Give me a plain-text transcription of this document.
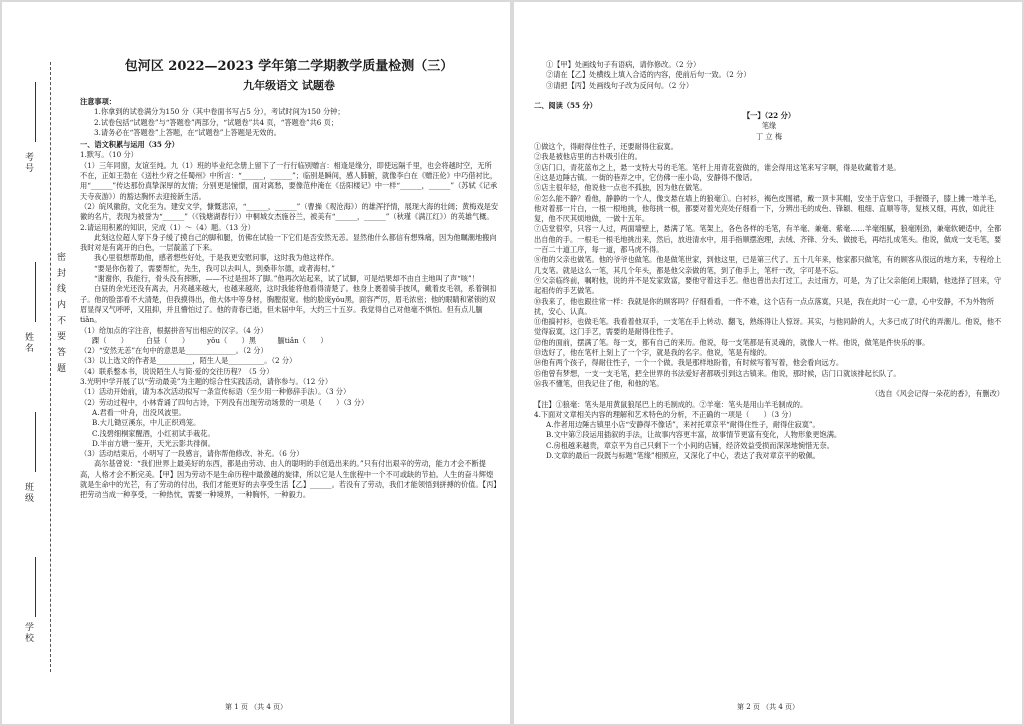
密 封 线 内 不 要 答 题
考号
姓名
班级
学校
包河区 2022—2023 学年第二学期教学质量检测（三）
九年级语文 试题卷
注意事项：

1.你拿到的试卷满分为150 分（其中卷面书写占5 分），考试时间为150 分钟；

2.试卷包括“试题卷”与“答题卷”两部分，“试题卷”共4 页，“答题卷”共6 页；

3.请务必在“答题卷”上答题，在“试题卷”上答题是无效的。

一、语文积累与运用（35 分）

1.默写。（10 分）

（1）三年同窗，友谊至纯。九（1）班的毕业纪念册上留下了一行行临别赠言：相逢是缘分，即使远隔千里，也会将越时空，无所不在，正如王勃在《送杜少府之任蜀州》中所言：“______，______”；临别是瞬间，感人肺腑，就像李白在《赠汪伦》中巧借衬比，用“______”传达那份真挚深厚的友情；分别更是憧憬，面对离愁，要像范仲淹在《岳阳楼记》中一样“______，______”（苏轼《记承天寺夜游》）的豁达胸怀去迎接新生活。

（2）皖风徽韵，文化至为。建安文学，慷慨悲凉，“______，______”（曹操《观沧海》）的雄浑抒情，展现大海的壮阔；黄梅戏是安徽的名片，表现为被誉为“______”（《钱塘湖春行》）中桐城女杰施谷兰，被美有“______，______”（秋瑾《满江红》）的英雄气概。

2.请运用积累的知识，完成（1）～（4）题。（13 分）

此刻这位超人穿下身子缓了摸自己的脚和腿，仿佛在试验一下它们是否安然无恙。显然他什么都信有想殊痛，因为他瞩潮地搬向我时对是有离开的白色，一层靛蓝了下来。

我心里很想帮助他，感者想些好处，于是我更安慰问事，这时我为他这样作。

“要是你伤着了，需要帮忙，先生，我可以去叫人，到桑菲尔德，或者海村。”

“谢谢你，我能行，骨头没有摔断，——不过是扭坏了脚。”他再次站起来，试了试脚，可是结果却不由自主地叫了声“咳”！

白昼的余光还没有离去，月亮越来越大，也越来越亮，这时我能将他看得清楚了。他身上裹着骑手披风，戴着皮毛领，系着铜扣子。他的脸部看不大清楚，但我摸得出，他大体中等身材，胸膛很宽。他的脸庞yǒu黑，面容严厉，眉毛浓密；他的眼睛和紧锁的双眉显得又气呼呼，又阻抑，并且懵怕过了。他的青春已逝，但未届中年，大约三十五岁。我觉得自己对他毫不惧怕。但有点儿腼tiǎn。

（1）给加点的字注音，根据拼音写出相应的汉字。（4 分）

踝（　　）　　　白昼（　　）　　　yǒu（　　）黑　　　腼tiǎn（　　）

（2）“安然无恙”在句中的意思是______________。（2 分）

（3）以上选文的作者是__________，陌生人是__________。（2 分）

（4）联系整本书，说说陌生人与简·爱的交往历程？（5 分）

3.光明中学开展了以“劳动最美”为主题的综合性实践活动，请你参与。（12 分）

（1）活动开始前，请为本次活动拟写一条宣传标语（至少用一种修辞手法）。（3 分）

（2）劳动过程中，小林背诵了四句古诗，下列没有出现劳动场景的一项是（　　）（3 分）

A.君看一叶舟，出没风波里。

B.大儿锄豆溪东，中儿正织鸡笼。

C.浅碧细桐家醒酒，小红初试手栽花。

D.半亩方塘一鉴开，天光云影共徘徊。

（3）活动结束后，小明写了一段感言，请你帮他修改、补充。（6 分）

高尔基曾说：“我们世界上最美好的东西，都是由劳动、由人的聪明的手创造出来的。”只有付出艰辛的劳动，能力才会不断提高，人格才会不断完美。【甲】因为劳动不是生命历程中最激越的旋律，所以它是人生旅程中一个不可或缺的节拍。人生的奋斗辉煌就是生命中的光芒，有了劳动的付出，我们才能更好的去享受生活【乙】______。若没有了劳动，我们才能领悟到拼搏的价值。【丙】把劳动当成一种享受，一种热忱，需要一种境界，一种胸怀，一种毅力。

第 1 页 （共 4 页）

①【甲】处画线句子有语病，请你修改。（2 分）

②请在【乙】处横线上填入合适的内容，使前后句一致。（2 分）

③请把【丙】处画线句子改为反问句。（2 分）

二、阅读（55 分）
【一】（22 分）
笔缘
丁 立 梅

①做这个，得耐得住性子，还要耐得住寂寞。

②我是被他店里的古朴吸引住的。

③店门口，青花蓝布之上，悬一支特大号的毛笔。笔杆上用青花瓷做的，谁会得用这笔来写字啊，得是收藏着才是。

④这是边陲古镇。一街的巷弄之中，它仿佛一座小岛，安静得不像话。

⑤店主很年轻，他说他一点也不孤独，因为他在做笔。

⑥怎么能不静？看他，静静的一个人，像支悬在墙上的狼毫①。白衬衫，褐色皮围裙，戴一顶卡其帽，安坐于店堂口，手握镊子，膝上摊一堆羊毛，他对着那一片白，一根一根地挑，他每挑一根，都要对着光亮处仔细看一下，分辨出毛的成色、锋颖、粗细、直顺等等，复核又细，再放，如此往复，他不厌其烦地做，一做十五年。

⑦店堂很窄，只容一人过，两面墙壁上，悬满了笔。笔架上，各色各样的毛笔，有羊毫、兼毫、紫毫……羊毫细腻，狼毫刚劲，兼毫软硬适中，全都出自他的手。一根毛一根毛地挑出来，然后，放进清水中，用手指顺摆泡理，去绒、齐锋、分头、做披毛，再结扎成笔头。他说，做成一支毛笔，要一百二十道工序，每一道，都马虎不得。

⑧他的父亲也做笔。他的爷爷也做笔。他是做笔世家，到他这里，已是第三代了。五十几年来，他家都只做笔，有的顾客从很远的地方来，专程给上几支笔。就是这么一笔，其几个年头，都是他父亲做的笔，到了他手上，笔杆一改，字可是不忘。

⑨父亲临终前，嘱咐他，说的并不是发家致富，要他守着这手艺。他也曾出去打过工，去过南方，可是，为了让父亲能闭上眼睛，他选择了回来，守起祖传的手艺做笔。

⑩我来了，他也跟往常一样：我就是你的顾客吗？仔细看看，一件不难，这个店有一点点落寞，只是，我在此时一心一意，心中安静，不为外物所扰，安心、认真。

⑪他搞衬衫，也做毛笔。我看着他双手，一支笔在手上转动、翻飞，熟练得让人惊讶。其实，与他同龄的人，大多已成了时代的弄潮儿。他说，他不觉得寂寞，这门手艺，需要的是耐得住性子。

⑫他的面前，摆满了笔。每一支，都有自己的来历。他说，每一支笔都是有灵魂的，就像人一样。他说，做笔是件快乐的事。

⑬选好了，他在笔杆上刻上了一个字，就是我的名字。他说，笔是有缘的。

⑭他有两个孩子，得耐住性子，一个一个做。我是那样地盼着，有时候写着写着，他会看向远方。

⑮他曾有梦想，一支一支毛笔，把全世界的书法爱好者都吸引到这古镇来。他说，那时候，店门口就该排起长队了。

⑯我不懂笔，但我记住了他，和他的笔。

（选自《风会记得一朵花的香》，有删改）
【注】①狼毫：笔头是用黄鼠狼尾巴上的毛制成的。②羊毫：笔头是用山羊毛制成的。
4.下面对文章相关内容的理解和艺术特色的分析，不正确的一项是（　　）（3 分）

A.作者用边陲古镇里小店“安静得不像话”，来衬托章京平“耐得住性子，耐得住寂寞”。

B.文中第⑦段运用插叙的手法，让故事内容更丰富，故事情节更富有变化，人物形象更饱满。

C.房租越来越贵，章京平为自己只剩下一个小间的店铺，经济效益受损而深深地惋惜无奈。

D.文章的最后一段既与标题“笔缘”相照应，又深化了中心，表达了我对章京平的敬佩。

第 2 页 （共 4 页）
